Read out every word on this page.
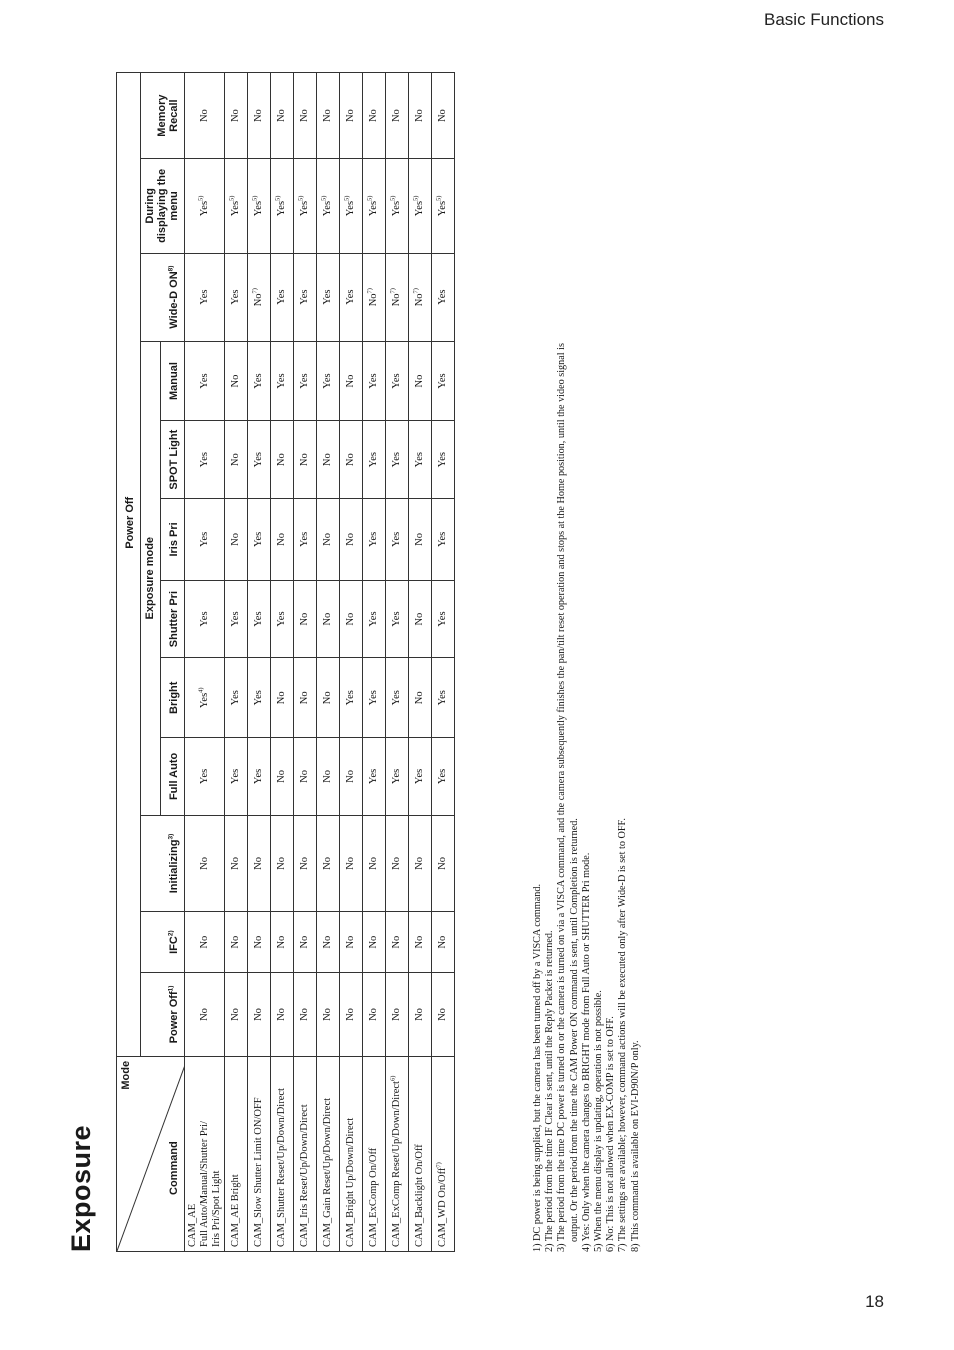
Basic Functions
18
Exposure
Mode
Command		Power Off										
	Power Off$^{1)}$	IFC$^{2)}$	Initializing$^{3)}$	Exposure mode						Wide-D ON$^{8)}$	During displaying the menu	Memory Recall
				Full Auto	Bright	Shutter Pri	Iris Pri	SPOT Light	Manual			

CAM_AE Full Auto/Manual/Shutter Pri/ Iris Pri/Spot Light	No	No	No	Yes	Yes$^{4)}$	Yes	Yes	Yes	Yes	Yes	Yes$^{5)}$	No

CAM_AE Bright	No	No	No	Yes	Yes	Yes	No	No	No	Yes	Yes$^{5)}$	No

CAM_Slow Shutter Limit ON/OFF	No	No	No	Yes	Yes	Yes	Yes	Yes	Yes	No$^{7)}$	Yes$^{5)}$	No

CAM_Shutter Reset/Up/Down/Direct	No	No	No	No	No	Yes	No	No	Yes	Yes	Yes$^{5)}$	No

CAM_Iris Reset/Up/Down/Direct	No	No	No	No	No	No	Yes	No	Yes	Yes	Yes$^{5)}$	No

CAM_Gain Reset/Up/Down/Direct	No	No	No	No	No	No	No	No	Yes	Yes	Yes$^{5)}$	No

CAM_Bright Up/Down/Direct	No	No	No	No	Yes	No	No	No	No	Yes	Yes$^{5)}$	No

CAM_ExComp On/Off	No	No	No	Yes	Yes	Yes	Yes	Yes	Yes	No$^{7)}$	Yes$^{5)}$	No

CAM_ExComp Reset/Up/Down/Direct$^{6)}$	No	No	No	Yes	Yes	Yes	Yes	Yes	Yes	No$^{7)}$	Yes$^{5)}$	No

CAM_Backlight On/Off	No	No	No	Yes	No	No	No	Yes	No	No$^{7)}$	Yes$^{5)}$	No

CAM_WD On/Off$^{7)}$	No	No	No	Yes	Yes	Yes	Yes	Yes	Yes	Yes	Yes$^{5)}$	No
1) DC power is being supplied, but the camera has been turned off by a VISCA command. 2) The period from the time IF Clear is sent, until the Reply Packet is returned. 3) The period from the time DC power is turned on or the camera is turned on via a VISCA command, and the camera subsequently finishes the pan/tilt reset operation and stops at the Home position, until the video signal is output. Or the period from the time the CAM Power ON command is sent, until Completion is returned. 4) Yes: Only when the camera changes to BRIGHT mode from Full Auto or SHUTTER Pri mode. 5) When the menu display is updating, operation is not possible. 6) No: This is not allowed when EX-COMP is set to OFF. 7) The settings are available; however, command actions will be executed only after Wide-D is set to OFF. 8) This command is available on EVI-D90N/P only.
